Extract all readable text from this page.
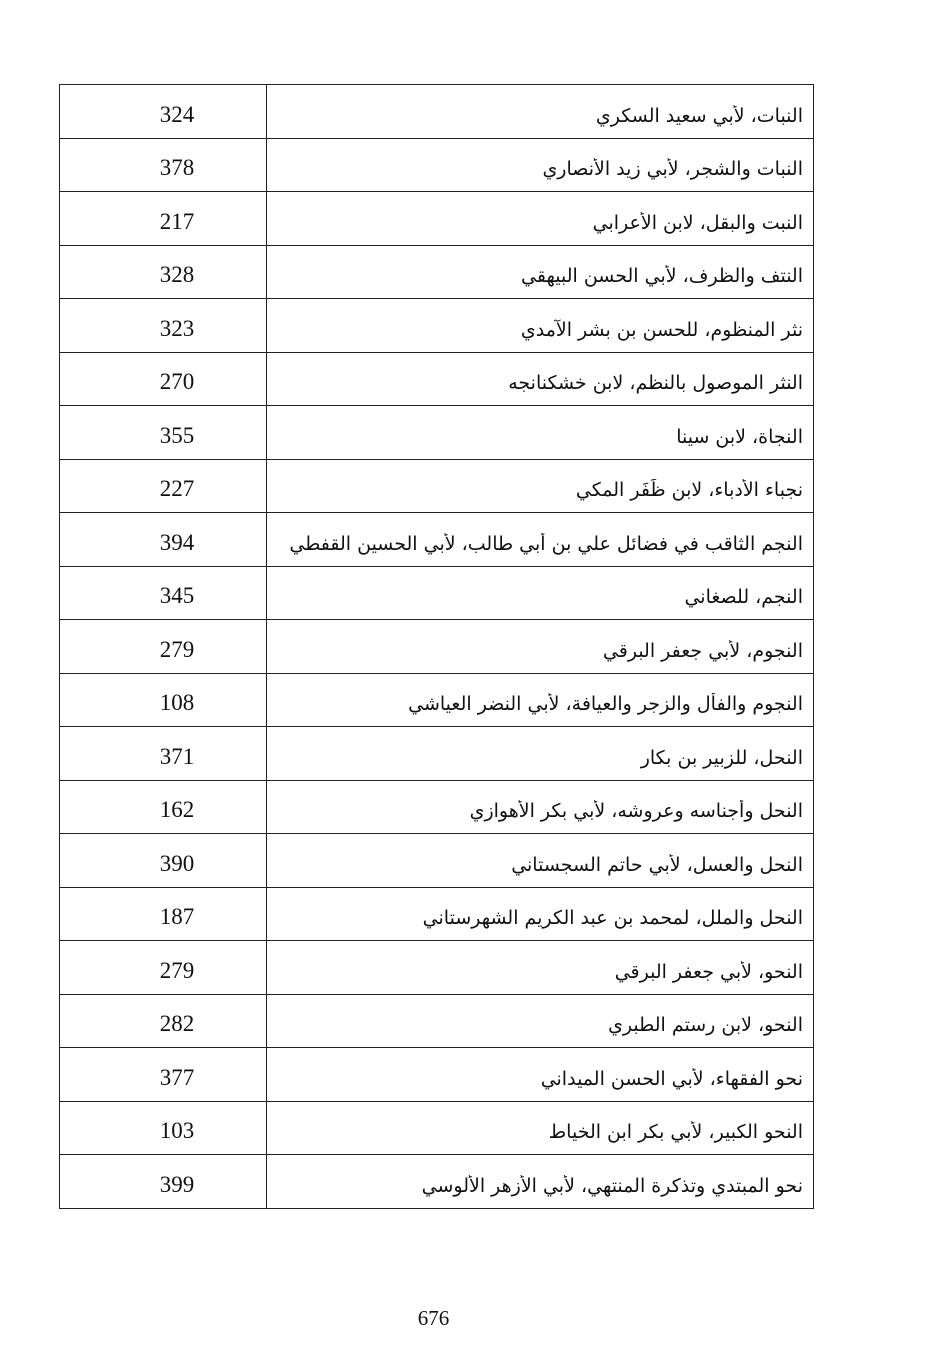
324	النبات، لأبي سعيد السكري

378	النبات والشجر، لأبي زيد الأنصاري

217	النبت والبقل، لابن الأعرابي

328	النتف والظرف، لأبي الحسن البيهقي

323	نثر المنظوم، للحسن بن بشر الآمدي

270	النثر الموصول بالنظم، لابن خشكنانجه

355	النجاة، لابن سينا

227	نجباء الأدباء، لابن ظَفَر المكي

394	النجم الثاقب في فضائل علي بن أبي طالب، لأبي الحسين القفطي

345	النجم، للصغاني

279	النجوم، لأبي جعفر البرقي

108	النجوم والفأل والزجر والعيافة، لأبي النضر العياشي

371	النحل، للزبير بن بكار

162	النحل وأجناسه وعروشه، لأبي بكر الأهوازي

390	النحل والعسل، لأبي حاتم السجستاني

187	النحل والملل، لمحمد بن عبد الكريم الشهرستاني

279	النحو، لأبي جعفر البرقي

282	النحو، لابن رستم الطبري

377	نحو الفقهاء، لأبي الحسن الميداني

103	النحو الكبير، لأبي بكر ابن الخياط

399	نحو المبتدي وتذكرة المنتهي، لأبي الأزهر الألوسي
676
